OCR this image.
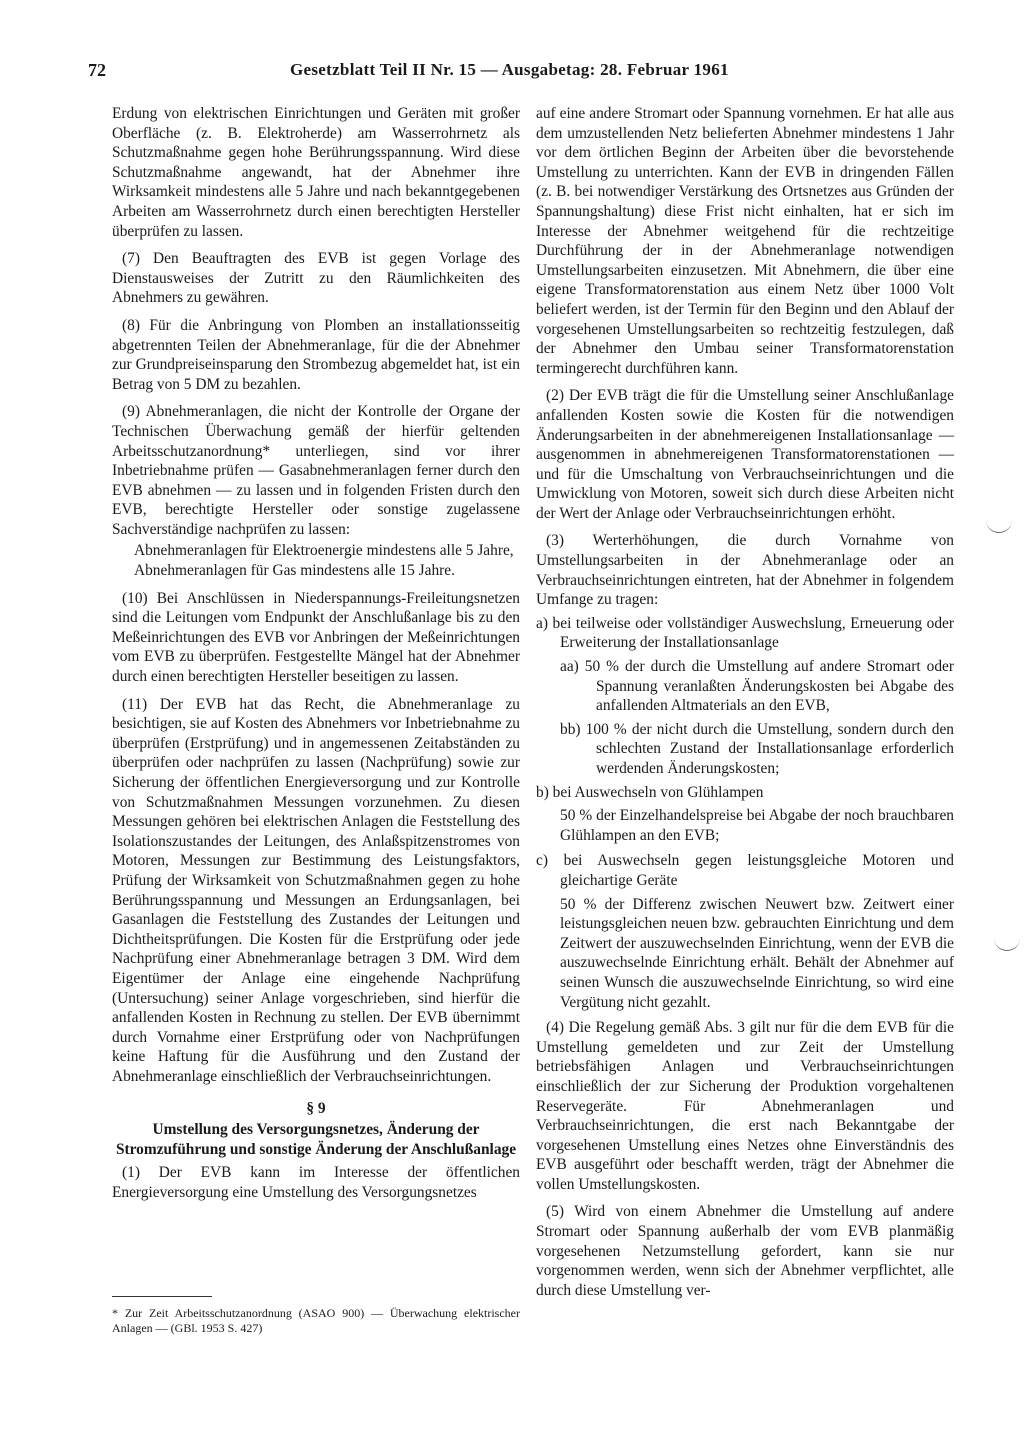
72	Gesetzblatt Teil II Nr. 15 — Ausgabetag: 28. Februar 1961

Erdung von elektrischen Einrichtungen und Geräten mit großer Oberfläche (z. B. Elektroherde) am Wasserrohrnetz als Schutzmaßnahme gegen hohe Berührungsspannung. Wird diese Schutzmaßnahme angewandt, hat der Abnehmer ihre Wirksamkeit mindestens alle 5 Jahre und nach bekanntgegebenen Arbeiten am Wasserrohrnetz durch einen berechtigten Hersteller überprüfen zu lassen.

(7) Den Beauftragten des EVB ist gegen Vorlage des Dienstausweises der Zutritt zu den Räumlichkeiten des Abnehmers zu gewähren.

(8) Für die Anbringung von Plomben an installationsseitig abgetrennten Teilen der Abnehmeranlage, für die der Abnehmer zur Grundpreiseinsparung den Strombezug abgemeldet hat, ist ein Betrag von 5 DM zu bezahlen.

(9) Abnehmeranlagen, die nicht der Kontrolle der Organe der Technischen Überwachung gemäß der hierfür geltenden Arbeitsschutzanordnung* unterliegen, sind vor ihrer Inbetriebnahme prüfen — Gasabnehmeranlagen ferner durch den EVB abnehmen — zu lassen und in folgenden Fristen durch den EVB, berechtigte Hersteller oder sonstige zugelassene Sachverständige nachprüfen zu lassen:

Abnehmeranlagen für Elektroenergie mindestens alle 5 Jahre,
Abnehmeranlagen für Gas mindestens alle 15 Jahre.

(10) Bei Anschlüssen in Niederspannungs-Freileitungsnetzen sind die Leitungen vom Endpunkt der Anschlußanlage bis zu den Meßeinrichtungen des EVB vor Anbringen der Meßeinrichtungen vom EVB zu überprüfen. Festgestellte Mängel hat der Abnehmer durch einen berechtigten Hersteller beseitigen zu lassen.

(11) Der EVB hat das Recht, die Abnehmeranlage zu besichtigen, sie auf Kosten des Abnehmers vor Inbetriebnahme zu überprüfen (Erstprüfung) und in angemessenen Zeitabständen zu überprüfen oder nachprüfen zu lassen (Nachprüfung) sowie zur Sicherung der öffentlichen Energieversorgung und zur Kontrolle von Schutzmaßnahmen Messungen vorzunehmen. Zu diesen Messungen gehören bei elektrischen Anlagen die Feststellung des Isolationszustandes der Leitungen, des Anlaßspitzenstromes von Motoren, Messungen zur Bestimmung des Leistungsfaktors, Prüfung der Wirksamkeit von Schutzmaßnahmen gegen zu hohe Berührungsspannung und Messungen an Erdungsanlagen, bei Gasanlagen die Feststellung des Zustandes der Leitungen und Dichtheitsprüfungen. Die Kosten für die Erstprüfung oder jede Nachprüfung einer Abnehmeranlage betragen 3 DM. Wird dem Eigentümer der Anlage eine eingehende Nachprüfung (Untersuchung) seiner Anlage vorgeschrieben, sind hierfür die anfallenden Kosten in Rechnung zu stellen. Der EVB übernimmt durch Vornahme einer Erstprüfung oder von Nachprüfungen keine Haftung für die Ausführung und den Zustand der Abnehmeranlage einschließlich der Verbrauchseinrichtungen.

§ 9
Umstellung des Versorgungsnetzes, Änderung der Stromzuführung und sonstige Änderung der Anschlußanlage

(1) Der EVB kann im Interesse der öffentlichen Energieversorgung eine Umstellung des Versorgungsnetzes

* Zur Zeit Arbeitsschutzanordnung (ASAO 900) — Überwachung elektrischer Anlagen — (GBl. 1953 S. 427)

auf eine andere Stromart oder Spannung vornehmen. Er hat alle aus dem umzustellenden Netz belieferten Abnehmer mindestens 1 Jahr vor dem örtlichen Beginn der Arbeiten über die bevorstehende Umstellung zu unterrichten. Kann der EVB in dringenden Fällen (z. B. bei notwendiger Verstärkung des Ortsnetzes aus Gründen der Spannungshaltung) diese Frist nicht einhalten, hat er sich im Interesse der Abnehmer weitgehend für die rechtzeitige Durchführung der in der Abnehmeranlage notwendigen Umstellungsarbeiten einzusetzen. Mit Abnehmern, die über eine eigene Transformatorenstation aus einem Netz über 1000 Volt beliefert werden, ist der Termin für den Beginn und den Ablauf der vorgesehenen Umstellungsarbeiten so rechtzeitig festzulegen, daß der Abnehmer den Umbau seiner Transformatorenstation termingerecht durchführen kann.

(2) Der EVB trägt die für die Umstellung seiner Anschlußanlage anfallenden Kosten sowie die Kosten für die notwendigen Änderungsarbeiten in der abnehmereigenen Installationsanlage — ausgenommen in abnehmereigenen Transformatorenstationen — und für die Umschaltung von Verbrauchseinrichtungen und die Umwicklung von Motoren, soweit sich durch diese Arbeiten nicht der Wert der Anlage oder Verbrauchseinrichtungen erhöht.

(3) Werterhöhungen, die durch Vornahme von Umstellungsarbeiten in der Abnehmeranlage oder an Verbrauchseinrichtungen eintreten, hat der Abnehmer in folgendem Umfange zu tragen:

a) bei teilweise oder vollständiger Auswechslung, Erneuerung oder Erweiterung der Installationsanlage
aa) 50 % der durch die Umstellung auf andere Stromart oder Spannung veranlaßten Änderungskosten bei Abgabe des anfallenden Altmaterials an den EVB,
bb) 100 % der nicht durch die Umstellung, sondern durch den schlechten Zustand der Installationsanlage erforderlich werdenden Änderungskosten;
b) bei Auswechseln von Glühlampen
50 % der Einzelhandelspreise bei Abgabe der noch brauchbaren Glühlampen an den EVB;
c) bei Auswechseln gegen leistungsgleiche Motoren und gleichartige Geräte
50 % der Differenz zwischen Neuwert bzw. Zeitwert einer leistungsgleichen neuen bzw. gebrauchten Einrichtung und dem Zeitwert der auszuwechselnden Einrichtung, wenn der EVB die auszuwechselnde Einrichtung erhält. Behält der Abnehmer auf seinen Wunsch die auszuwechselnde Einrichtung, so wird eine Vergütung nicht gezahlt.

(4) Die Regelung gemäß Abs. 3 gilt nur für die dem EVB für die Umstellung gemeldeten und zur Zeit der Umstellung betriebsfähigen Anlagen und Verbrauchseinrichtungen einschließlich der zur Sicherung der Produktion vorgehaltenen Reservegeräte. Für Abnehmeranlagen und Verbrauchseinrichtungen, die erst nach Bekanntgabe der vorgesehenen Umstellung eines Netzes ohne Einverständnis des EVB ausgeführt oder beschafft werden, trägt der Abnehmer die vollen Umstellungskosten.

(5) Wird von einem Abnehmer die Umstellung auf andere Stromart oder Spannung außerhalb der vom EVB planmäßig vorgesehenen Netzumstellung gefordert, kann sie nur vorgenommen werden, wenn sich der Abnehmer verpflichtet, alle durch diese Umstellung ver-
